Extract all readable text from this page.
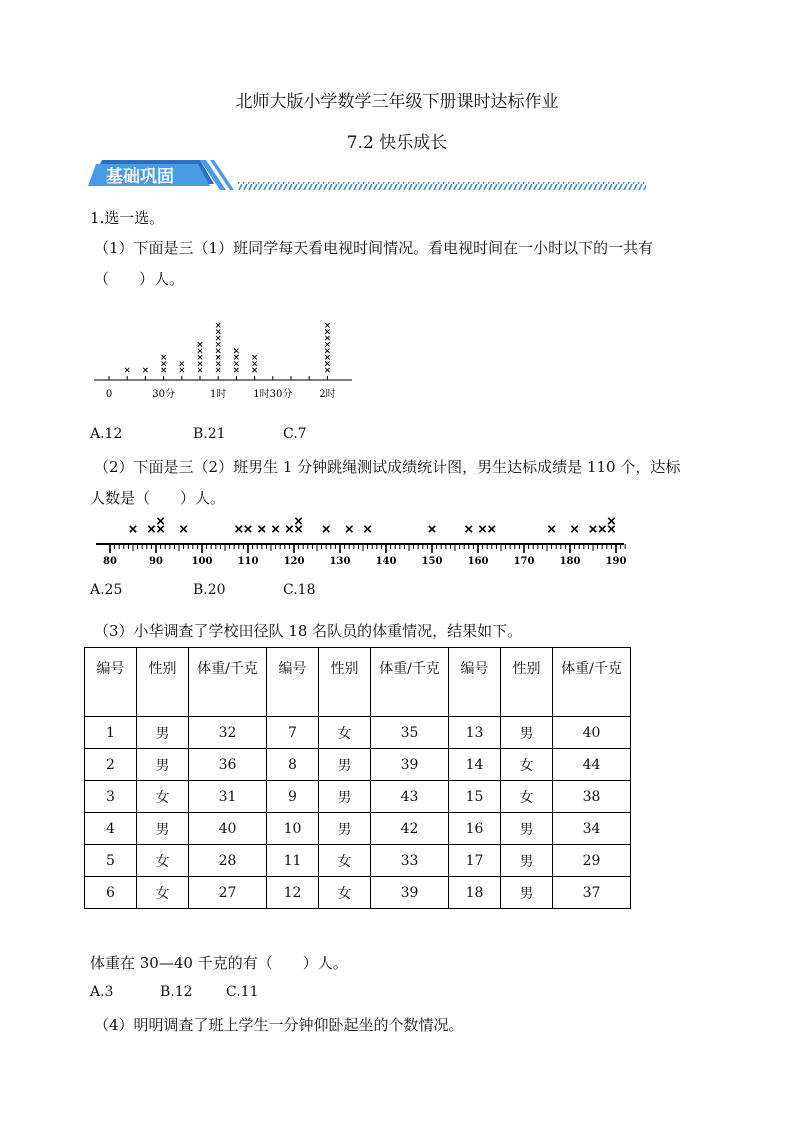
北师大版小学数学三年级下册课时达标作业
7.2 快乐成长
基础巩固
1.选一选。
（1）下面是三（1）班同学每天看电视时间情况。看电视时间在一小时以下的一共有
（　　）人。
0	30分	1时	1时30分	2时
A.12	B.21	C.7
（2）下面是三（2）班男生 1 分钟跳绳测试成绩统计图，男生达标成绩是 110 个，达标
人数是（　　）人。
80	90	100	110	120	130	140	150	160	170	180	190
A.25	B.20	C.18
（3）小华调查了学校田径队 18 名队员的体重情况，结果如下。
编号	性别	体重/千克	编号	性别	体重/千克	编号	性别	体重/千克
1	男	32	7	女	35	13	男	40
2	男	36	8	男	39	14	女	44
3	女	31	9	男	43	15	女	38
4	男	40	10	男	42	16	男	34
5	女	28	11	女	33	17	男	29
6	女	27	12	女	39	18	男	37
体重在 30—40 千克的有（　　）人。
A.3	B.12 C.11
（4）明明调查了班上学生一分钟仰卧起坐的个数情况。
